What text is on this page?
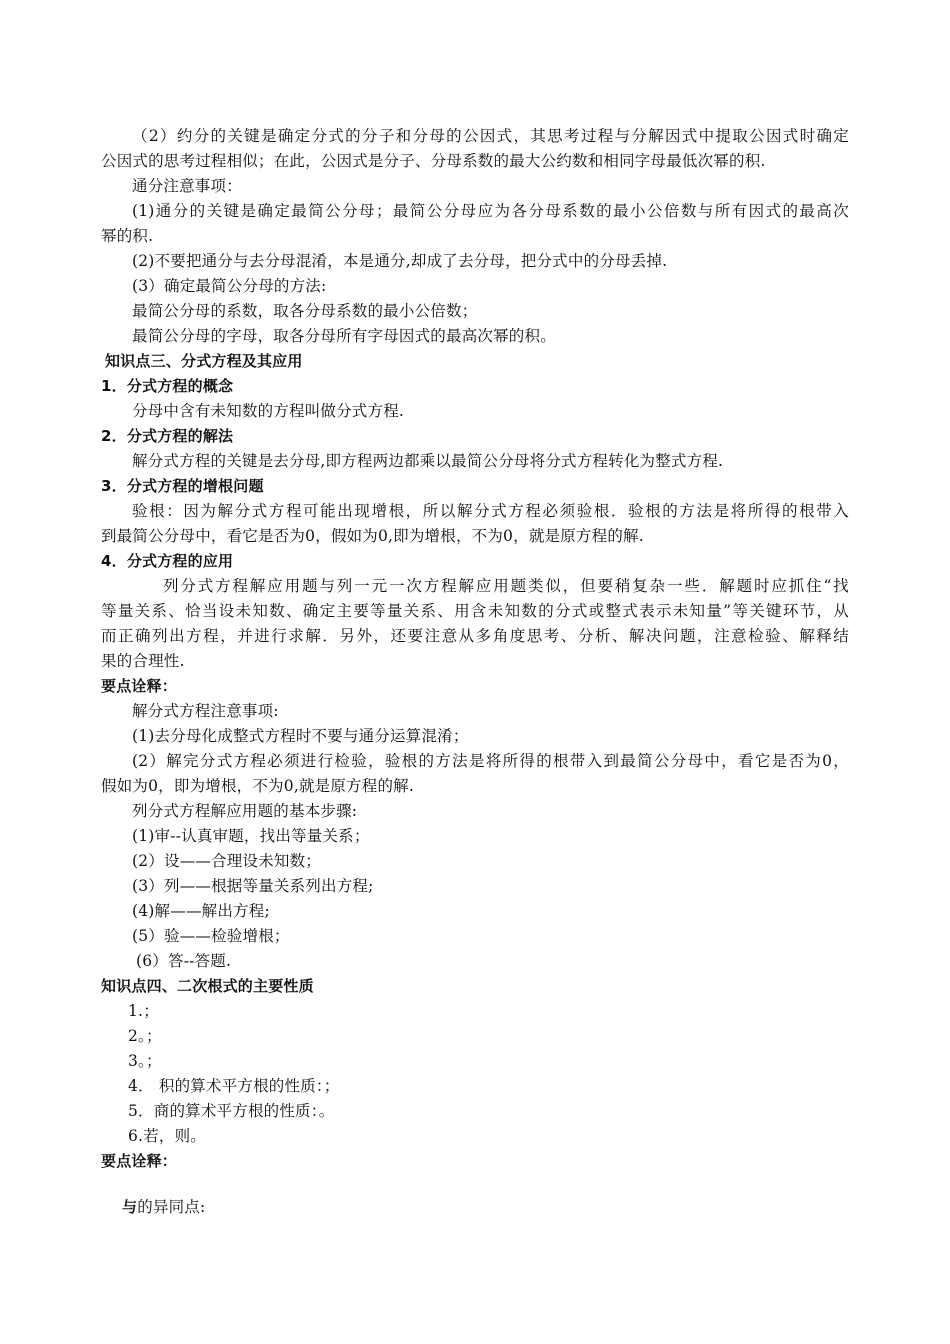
（2）约分的关键是确定分式的分子和分母的公因式，其思考过程与分解因式中提取公因式时确定
公因式的思考过程相似；在此，公因式是分子、分母系数的最大公约数和相同字母最低次幂的积.
通分注意事项：
(1)通分的关键是确定最简公分母；最简公分母应为各分母系数的最小公倍数与所有因式的最高次
幂的积.
(2)不要把通分与去分母混淆，本是通分,却成了去分母，把分式中的分母丢掉.
(3）确定最简公分母的方法:
最简公分母的系数，取各分母系数的最小公倍数；
最简公分母的字母，取各分母所有字母因式的最高次幂的积。
知识点三、分式方程及其应用
1．分式方程的概念
分母中含有未知数的方程叫做分式方程.
2．分式方程的解法
解分式方程的关键是去分母,即方程两边都乘以最简公分母将分式方程转化为整式方程.
3．分式方程的增根问题
验根：因为解分式方程可能出现增根，所以解分式方程必须验根．验根的方法是将所得的根带入
到最简公分母中，看它是否为0，假如为0,即为增根，不为0，就是原方程的解.
4．分式方程的应用
列分式方程解应用题与列一元一次方程解应用题类似，但要稍复杂一些．解题时应抓住“找
等量关系、恰当设未知数、确定主要等量关系、用含未知数的分式或整式表示未知量”等关键环节，从
而正确列出方程，并进行求解．另外，还要注意从多角度思考、分析、解决问题，注意检验、解释结
果的合理性.
要点诠释：
解分式方程注意事项:
(1)去分母化成整式方程时不要与通分运算混淆；
(2）解完分式方程必须进行检验，验根的方法是将所得的根带入到最简公分母中，看它是否为0，
假如为0，即为增根，不为0,就是原方程的解.
列分式方程解应用题的基本步骤:
(1)审--认真审题，找出等量关系；
(2）设——合理设未知数；
(3）列——根据等量关系列出方程;
(4)解——解出方程;
(5）验——检验增根；
(6）答--答题.
知识点四、二次根式的主要性质
1.；
2。；
3。；
4． 积的算术平方根的性质：；
5．商的算术平方根的性质：。
6.若，则。
要点诠释：
与的异同点:
